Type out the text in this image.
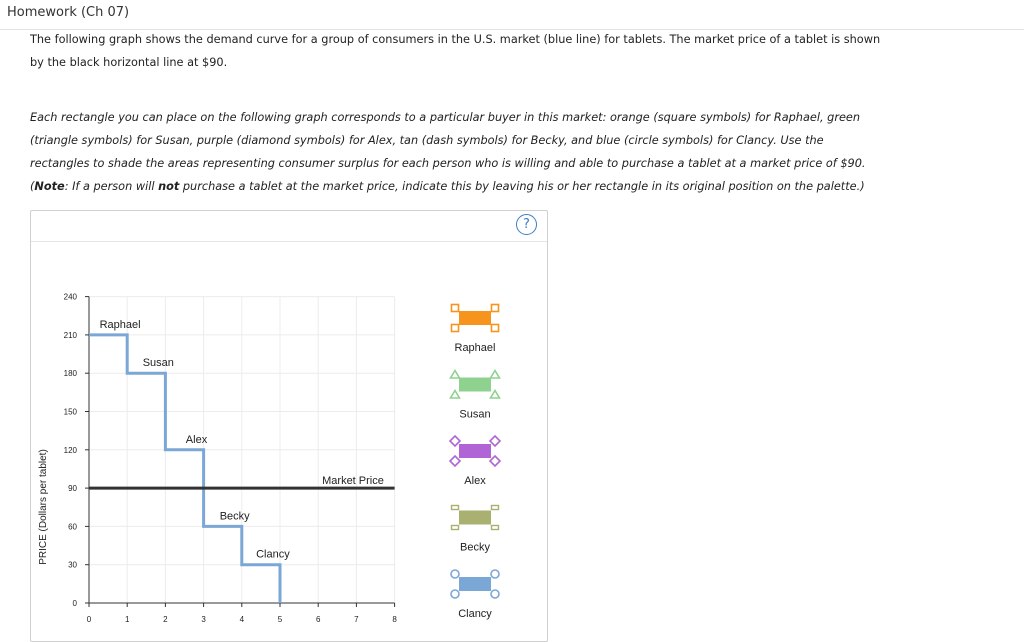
Homework (Ch 07)
The following graph shows the demand curve for a group of consumers in the U.S. market (blue line) for tablets. The market price of a tablet is shown
by the black horizontal line at $90.
Each rectangle you can place on the following graph corresponds to a particular buyer in this market: orange (square symbols) for Raphael, green
(triangle symbols) for Susan, purple (diamond symbols) for Alex, tan (dash symbols) for Becky, and blue (circle symbols) for Clancy. Use the
rectangles to shade the areas representing consumer surplus for each person who is willing and able to purchase a tablet at a market price of $90.
(Note: If a person will not purchase a tablet at the market price, indicate this by leaving his or her rectangle in its original position on the palette.)
?
PRICE (Dollars per tablet)
0
30
60
90
120
150
180
210
240
0	1	2	3	4	5	6	7	8
Market Price
Raphael
Susan
Alex
Becky
Clancy
Raphael
Susan
Alex
Becky
Clancy
